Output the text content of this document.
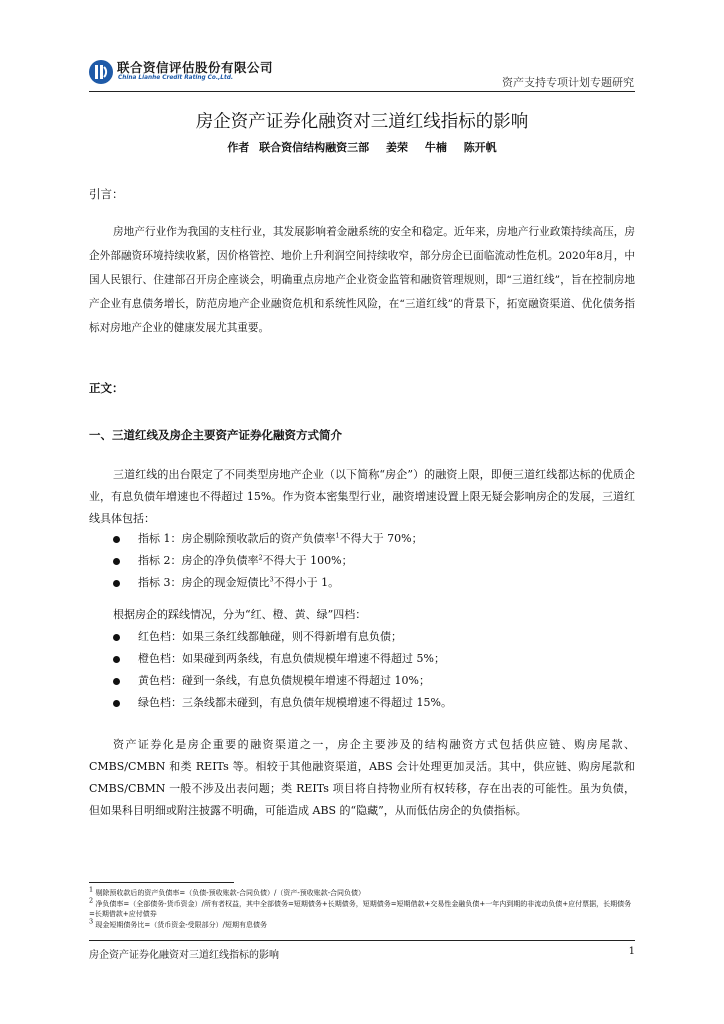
联合资信评估股份有限公司
China Lianhe Credit Rating Co.,Ltd.	资产支持专项计划专题研究
房企资产证券化融资对三道红线指标的影响
作者 联合资信结构融资三部 姜荣 牛楠 陈开帆
引言：
房地产行业作为我国的支柱行业，其发展影响着金融系统的安全和稳定。近年来，房地产行业政策持续高压，房企外部融资环境持续收紧，因价格管控、地价上升利润空间持续收窄，部分房企已面临流动性危机。2020年8月，中国人民银行、住建部召开房企座谈会，明确重点房地产企业资金监管和融资管理规则，即“三道红线”，旨在控制房地产企业有息债务增长，防范房地产企业融资危机和系统性风险，在“三道红线”的背景下，拓宽融资渠道、优化债务指标对房地产企业的健康发展尤其重要。
正文：
一、三道红线及房企主要资产证券化融资方式简介
三道红线的出台限定了不同类型房地产企业（以下简称“房企”）的融资上限，即便三道红线都达标的优质企业，有息负债年增速也不得超过 15%。作为资本密集型行业，融资增速设置上限无疑会影响房企的发展，三道红线具体包括：
指标 1：房企剔除预收款后的资产负债率$^1$不得大于 70%；
指标 2：房企的净负债率$^2$不得大于 100%；
指标 3：房企的现金短债比$^3$不得小于 1。
根据房企的踩线情况，分为“红、橙、黄、绿”四档：
红色档：如果三条红线都触碰，则不得新增有息负债；
橙色档：如果碰到两条线，有息负债规模年增速不得超过 5%；
黄色档：碰到一条线，有息负债规模年增速不得超过 10%；
绿色档：三条线都未碰到，有息负债年规模增速不得超过 15%。
资产证券化是房企重要的融资渠道之一，房企主要涉及的结构融资方式包括供应链、购房尾款、CMBS/CMBN 和类 REITs 等。相较于其他融资渠道，ABS 会计处理更加灵活。其中，供应链、购房尾款和 CMBS/CBMN 一般不涉及出表问题；类 REITs 项目将自持物业所有权转移，存在出表的可能性。虽为负债，但如果科目明细或附注披露不明确，可能造成 ABS 的“隐藏”，从而低估房企的负债指标。
$^1$ 剔除预收款后的资产负债率=（负债-预收账款-合同负债）/（资产-预收账款-合同负债）
$^2$ 净负债率=（全部债务-货币资金）/所有者权益，其中全部债务=短期债务+长期债务，短期债务=短期借款+交易性金融负债+一年内到期的非流动负债+应付票据，长期债务=长期借款+应付债券
$^3$ 现金短期债务比=（货币资金-受限部分）/短期有息债务
房企资产证券化融资对三道红线指标的影响	1
